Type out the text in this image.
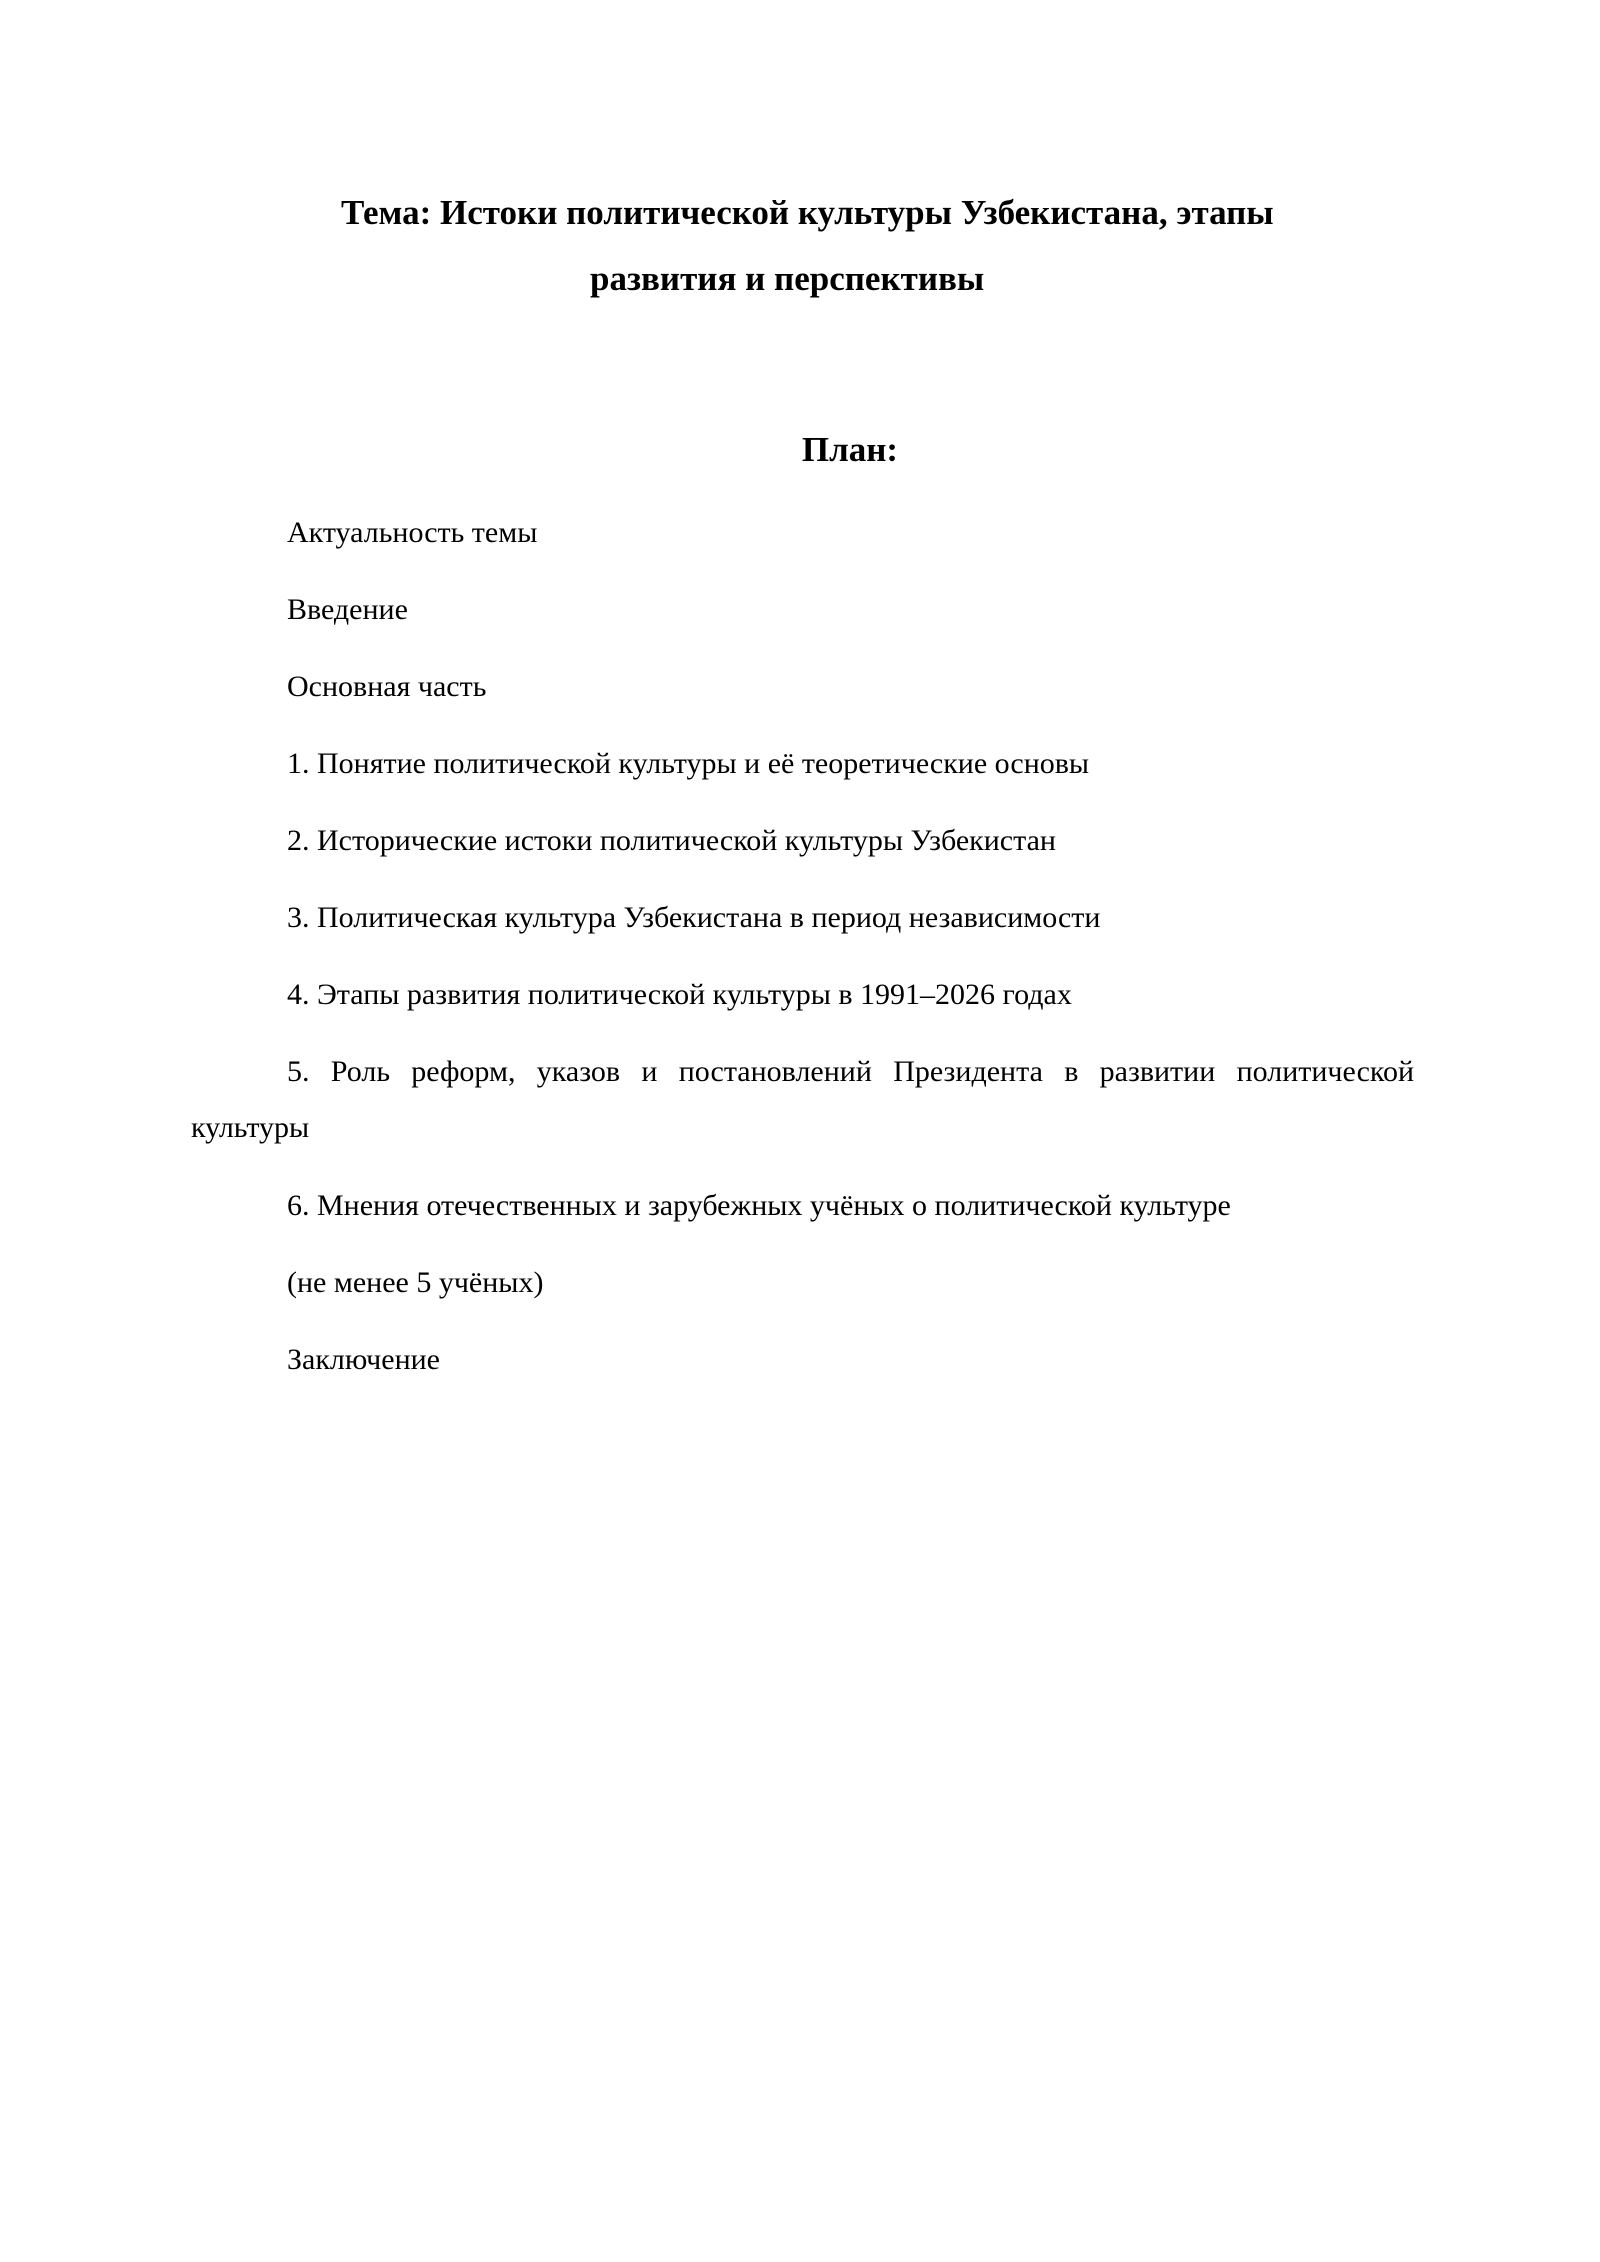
Тема: Истоки политической культуры Узбекистана, этапы
развития и перспективы
План:
Актуальность темы
Введение
Основная часть
1. Понятие политической культуры и её теоретические основы
2. Исторические истоки политической культуры Узбекистан
3. Политическая культура Узбекистана в период независимости
4. Этапы развития политической культуры в 1991–2026 годах
5. Роль реформ, указов и постановлений Президента в развитии политической культуры
6. Мнения отечественных и зарубежных учёных о политической культуре
(не менее 5 учёных)
Заключение
